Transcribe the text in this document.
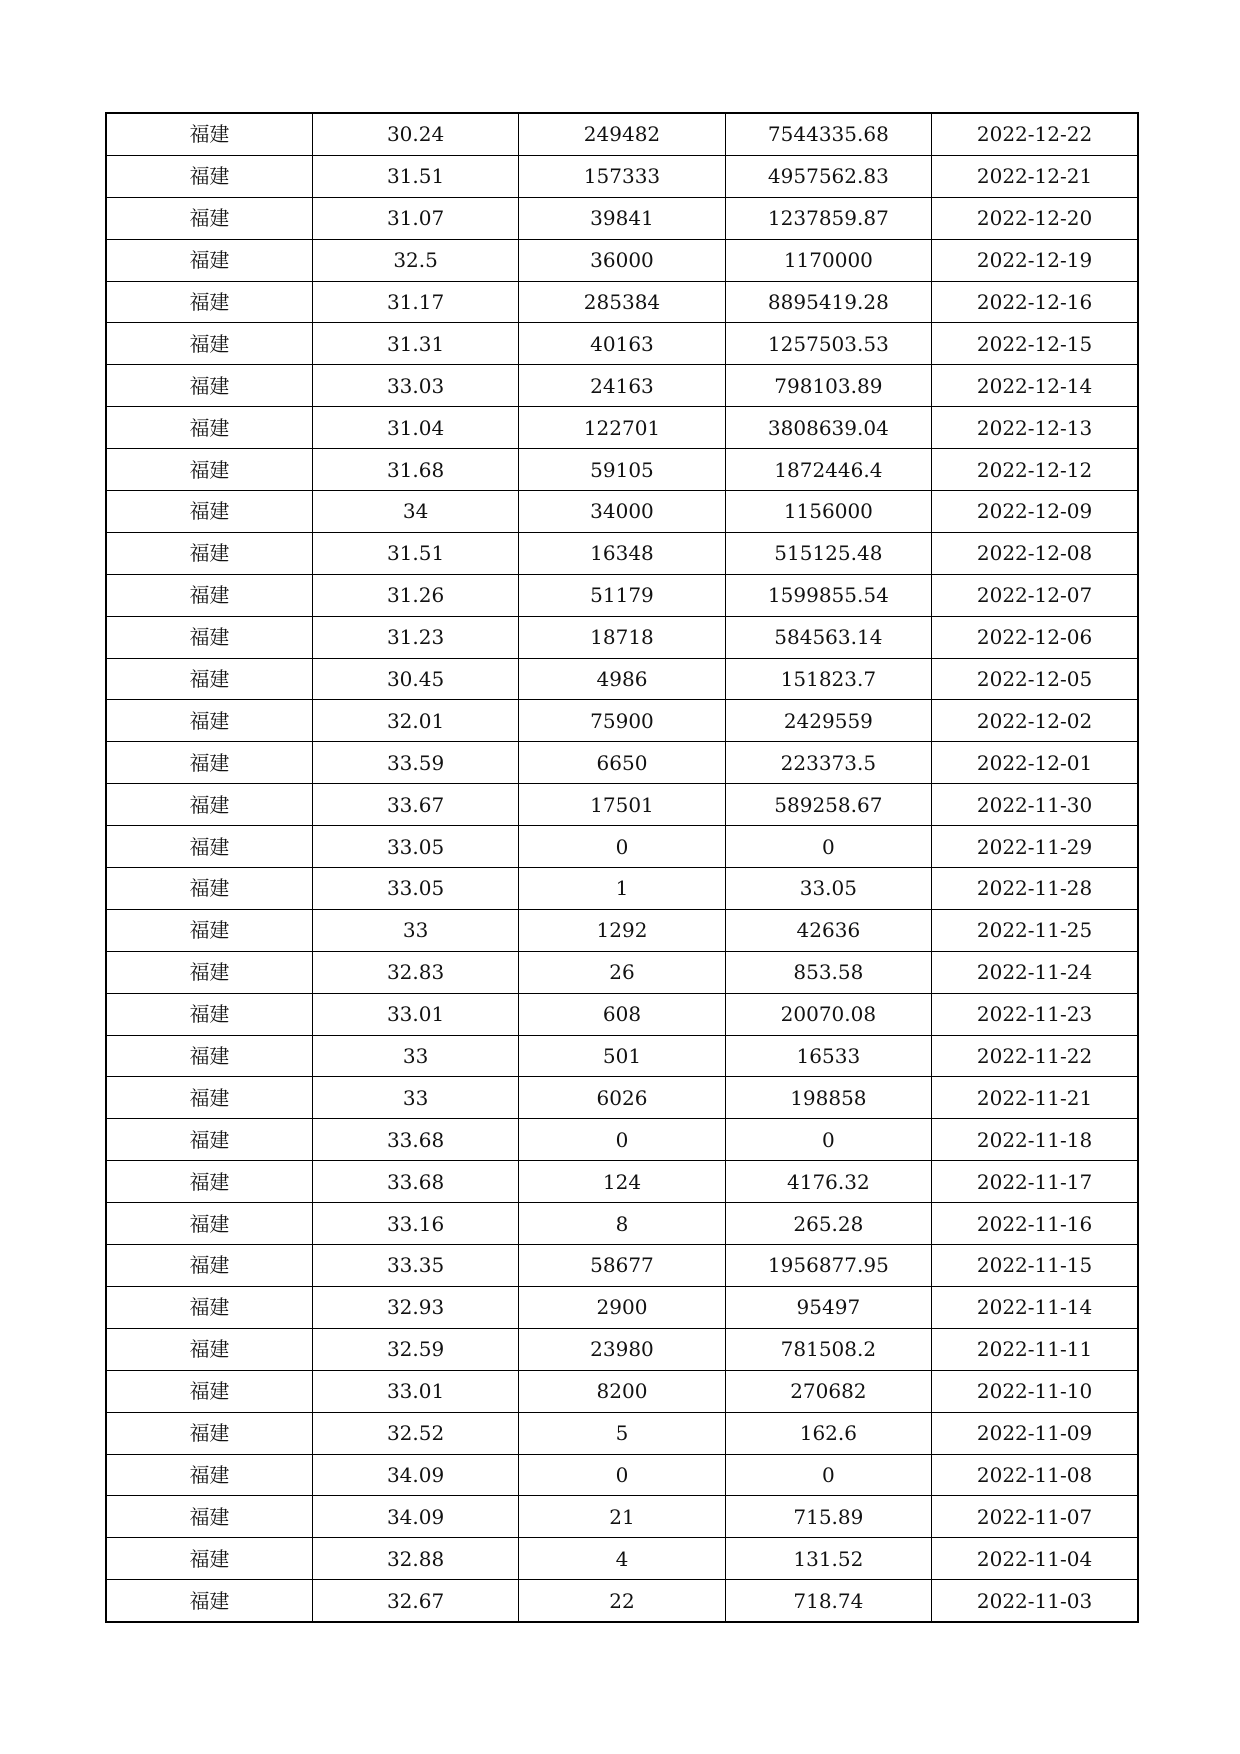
福建	30.24	249482	7544335.68	2022-12-22
福建	31.51	157333	4957562.83	2022-12-21
福建	31.07	39841	1237859.87	2022-12-20
福建	32.5	36000	1170000	2022-12-19
福建	31.17	285384	8895419.28	2022-12-16
福建	31.31	40163	1257503.53	2022-12-15
福建	33.03	24163	798103.89	2022-12-14
福建	31.04	122701	3808639.04	2022-12-13
福建	31.68	59105	1872446.4	2022-12-12
福建	34	34000	1156000	2022-12-09
福建	31.51	16348	515125.48	2022-12-08
福建	31.26	51179	1599855.54	2022-12-07
福建	31.23	18718	584563.14	2022-12-06
福建	30.45	4986	151823.7	2022-12-05
福建	32.01	75900	2429559	2022-12-02
福建	33.59	6650	223373.5	2022-12-01
福建	33.67	17501	589258.67	2022-11-30
福建	33.05	0	0	2022-11-29
福建	33.05	1	33.05	2022-11-28
福建	33	1292	42636	2022-11-25
福建	32.83	26	853.58	2022-11-24
福建	33.01	608	20070.08	2022-11-23
福建	33	501	16533	2022-11-22
福建	33	6026	198858	2022-11-21
福建	33.68	0	0	2022-11-18
福建	33.68	124	4176.32	2022-11-17
福建	33.16	8	265.28	2022-11-16
福建	33.35	58677	1956877.95	2022-11-15
福建	32.93	2900	95497	2022-11-14
福建	32.59	23980	781508.2	2022-11-11
福建	33.01	8200	270682	2022-11-10
福建	32.52	5	162.6	2022-11-09
福建	34.09	0	0	2022-11-08
福建	34.09	21	715.89	2022-11-07
福建	32.88	4	131.52	2022-11-04
福建	32.67	22	718.74	2022-11-03
